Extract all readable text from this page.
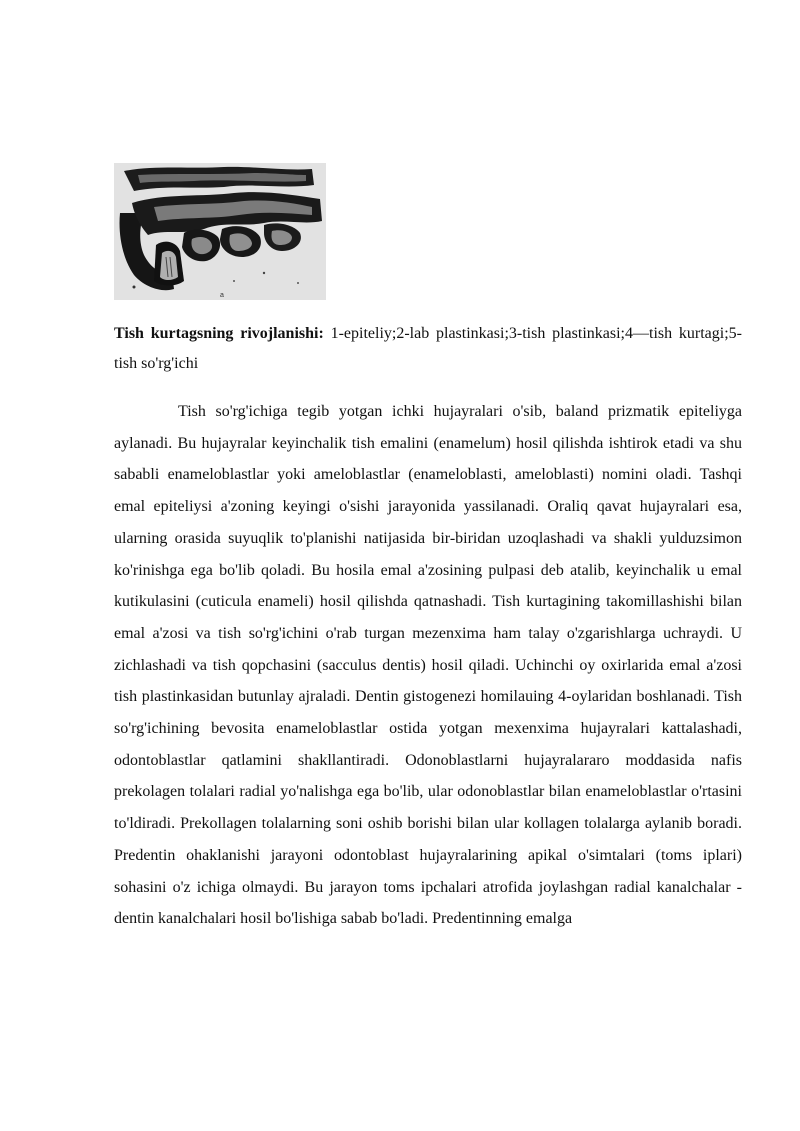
a

Tish kurtagsning rivojlanishi: 1-epiteliy;2-lab plastinkasi;3-tish plastinkasi;4—tish kurtagi;5-tish so'rg'ichi

Tish so'rg'ichiga tegib yotgan ichki hujayralari o'sib, baland prizmatik epiteliyga aylanadi. Bu hujayralar keyinchalik tish emalini (enamelum) hosil qilishda ishtirok etadi va shu sababli enameloblastlar yoki ameloblastlar (enameloblasti, ameloblasti) nomini oladi. Tashqi emal epiteliysi a'zoning keyingi o'sishi jarayonida yassilanadi. Oraliq qavat hujayralari esa, ularning orasida suyuqlik to'planishi natijasida bir-biridan uzoqlashadi va shakli yulduzsimon ko'rinishga ega bo'lib qoladi. Bu hosila emal a'zosining pulpasi deb atalib, keyinchalik u emal kutikulasini (cuticula enameli) hosil qilishda qatnashadi. Tish kurtagining takomillashishi bilan emal a'zosi va tish so'rg'ichini o'rab turgan mezenxima ham talay o'zgarishlarga uchraydi. U zichlashadi va tish qopchasini (sacculus dentis) hosil qiladi. Uchinchi oy oxirlarida emal a'zosi tish plastinkasidan butunlay ajraladi. Dentin gistogenezi homilauing 4-oylaridan boshlanadi. Tish so'rg'ichining bevosita enameloblastlar ostida yotgan mexenxima hujayralari kattalashadi, odontoblastlar qatlamini shakllantiradi. Odonoblastlarni hujayralararo moddasida nafis prekolagen tolalari radial yo'nalishga ega bo'lib, ular odonoblastlar bilan enameloblastlar o'rtasini to'ldiradi. Prekollagen tolalarning soni oshib borishi bilan ular kollagen tolalarga aylanib boradi. Predentin ohaklanishi jarayoni odontoblast hujayralarining apikal o'simtalari (toms iplari) sohasini o'z ichiga olmaydi. Bu jarayon toms ipchalari atrofida joylashgan radial kanalchalar - dentin kanalchalari hosil bo'lishiga sabab bo'ladi. Predentinning emalga
